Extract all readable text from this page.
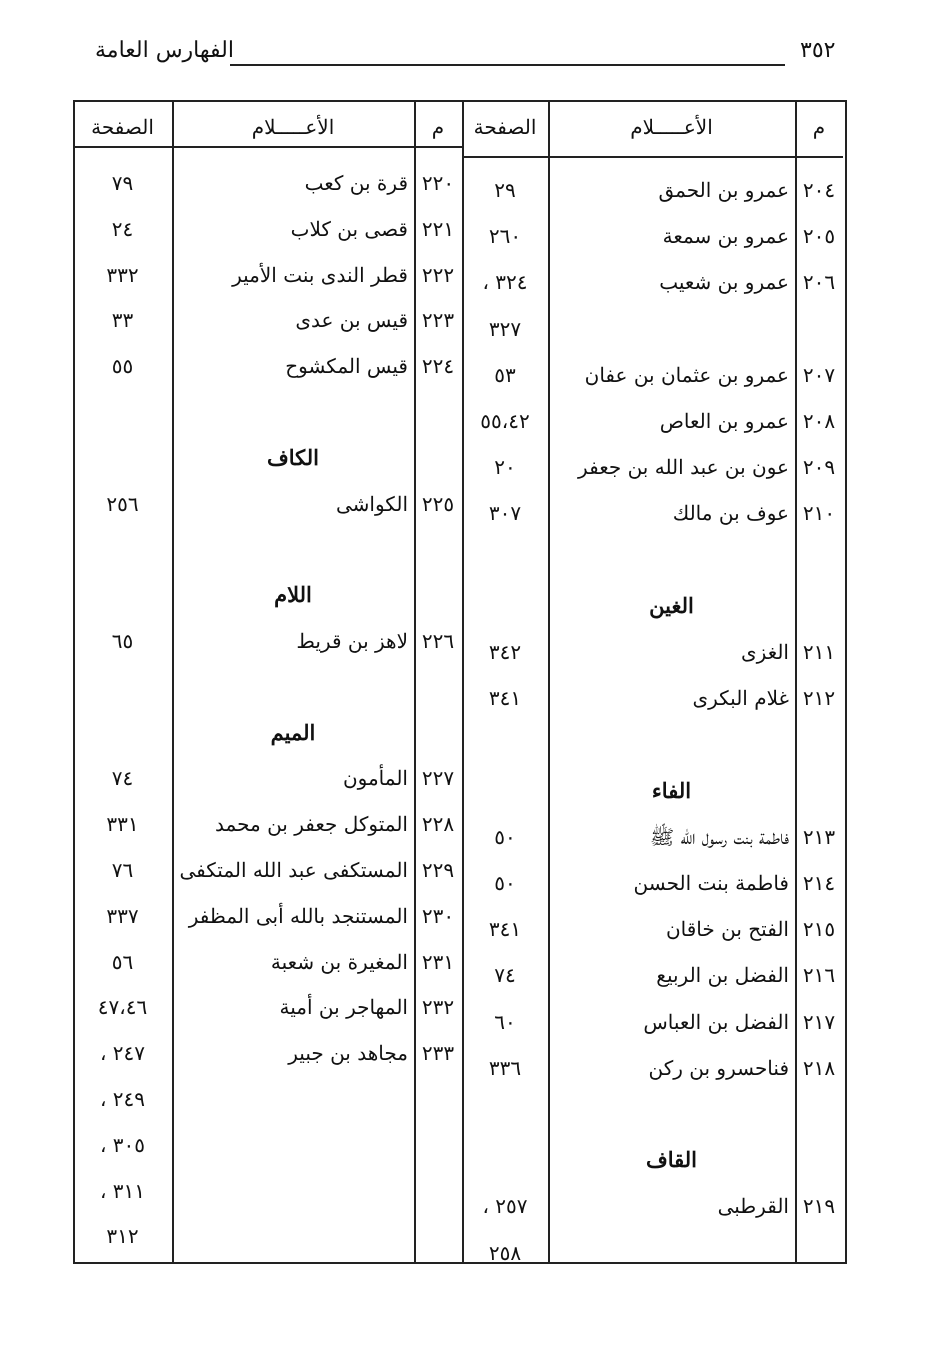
٣٥٢
الفهارس العامة
م
الأعـــــلام
الصفحة
٢٠٤
عمرو بن الحمق
٢٩
٢٠٥
عمرو بن سمعة
٢٦٠
٢٠٦
عمرو بن شعيب
٣٢٤ ،
٣٢٧
٢٠٧
عمرو بن عثمان بن عفان
٥٣
٢٠٨
عمرو بن العاص
٥٥،٤٢
٢٠٩
عون بن عبد الله بن جعفر
٢٠
٢١٠
عوف بن مالك
٣٠٧
الغين
٢١١
الغزى
٣٤٢
٢١٢
غلام البكرى
٣٤١
الفاء
٢١٣
فاطمة بنت رسول الله ﷺ
٥٠
٢١٤
فاطمة بنت الحسن
٥٠
٢١٥
الفتح بن خاقان
٣٤١
٢١٦
الفضل بن الربيع
٧٤
٢١٧
الفضل بن العباس
٦٠
٢١٨
فناحسرو بن ركن
٣٣٦
القاف
٢١٩
القرطبى
٢٥٧ ،
٢٥٨
م
الأعـــــلام
الصفحة
٢٢٠
قرة بن كعب
٧٩
٢٢١
قصى بن كلاب
٢٤
٢٢٢
قطر الندى بنت الأمير
٣٣٢
٢٢٣
قيس بن عدى
٣٣
٢٢٤
قيس المكشوح
٥٥
الكاف
٢٢٥
الكواشى
٢٥٦
اللام
٢٢٦
لاهز بن قريط
٦٥
الميم
٢٢٧
المأمون
٧٤
٢٢٨
المتوكل جعفر بن محمد
٣٣١
٢٢٩
المستكفى عبد الله المتكفى
٧٦
٢٣٠
المستنجد بالله أبى المظفر
٣٣٧
٢٣١
المغيرة بن شعبة
٥٦
٢٣٢
المهاجر بن أمية
٤٧،٤٦
٢٣٣
مجاهد بن جبير
٢٤٧ ،
٢٤٩ ،
٣٠٥ ،
٣١١ ،
٣١٢
